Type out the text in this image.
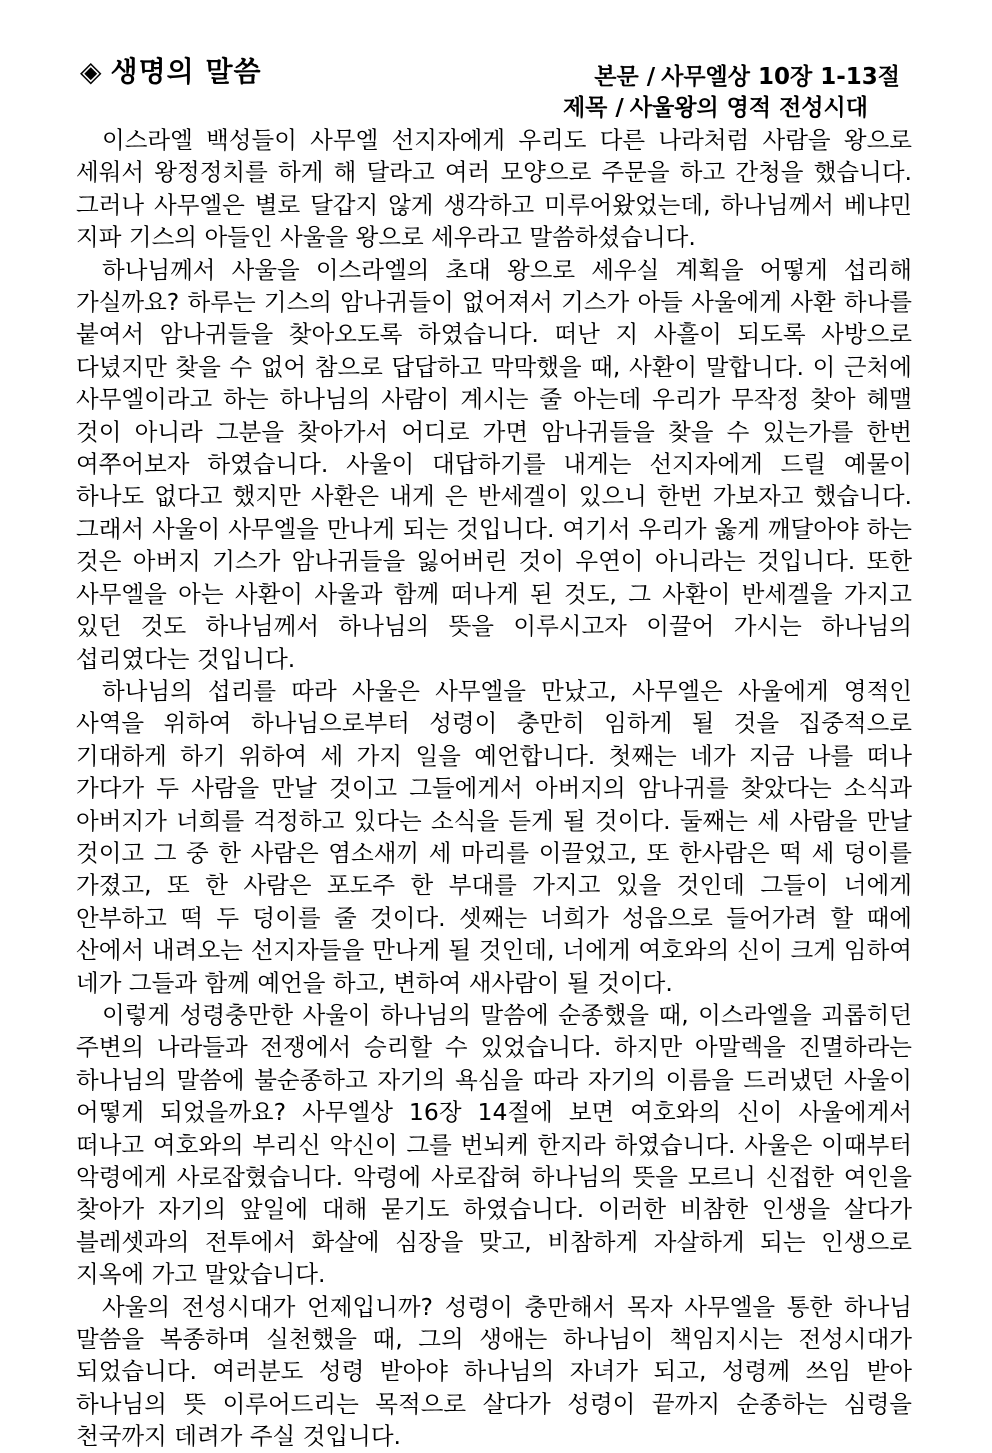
◈ 생명의 말씀	본문 / 사무엘상 10장 1-13절
제목 / 사울왕의 영적 전성시대

이스라엘 백성들이 사무엘 선지자에게 우리도 다른 나라처럼 사람을 왕으로 세워서 왕정정치를 하게 해 달라고 여러 모양으로 주문을 하고 간청을 했습니다. 그러나 사무엘은 별로 달갑지 않게 생각하고 미루어왔었는데, 하나님께서 베냐민 지파 기스의 아들인 사울을 왕으로 세우라고 말씀하셨습니다.

하나님께서 사울을 이스라엘의 초대 왕으로 세우실 계획을 어떻게 섭리해 가실까요? 하루는 기스의 암나귀들이 없어져서 기스가 아들 사울에게 사환 하나를 붙여서 암나귀들을 찾아오도록 하였습니다. 떠난 지 사흘이 되도록 사방으로 다녔지만 찾을 수 없어 참으로 답답하고 막막했을 때, 사환이 말합니다. 이 근처에 사무엘이라고 하는 하나님의 사람이 계시는 줄 아는데 우리가 무작정 찾아 헤맬 것이 아니라 그분을 찾아가서 어디로 가면 암나귀들을 찾을 수 있는가를 한번 여쭈어보자 하였습니다. 사울이 대답하기를 내게는 선지자에게 드릴 예물이 하나도 없다고 했지만 사환은 내게 은 반세겔이 있으니 한번 가보자고 했습니다. 그래서 사울이 사무엘을 만나게 되는 것입니다. 여기서 우리가 옳게 깨달아야 하는 것은 아버지 기스가 암나귀들을 잃어버린 것이 우연이 아니라는 것입니다. 또한 사무엘을 아는 사환이 사울과 함께 떠나게 된 것도, 그 사환이 반세겔을 가지고 있던 것도 하나님께서 하나님의 뜻을 이루시고자 이끌어 가시는 하나님의 섭리였다는 것입니다.

하나님의 섭리를 따라 사울은 사무엘을 만났고, 사무엘은 사울에게 영적인 사역을 위하여 하나님으로부터 성령이 충만히 임하게 될 것을 집중적으로 기대하게 하기 위하여 세 가지 일을 예언합니다. 첫째는 네가 지금 나를 떠나 가다가 두 사람을 만날 것이고 그들에게서 아버지의 암나귀를 찾았다는 소식과 아버지가 너희를 걱정하고 있다는 소식을 듣게 될 것이다. 둘째는 세 사람을 만날 것이고 그 중 한 사람은 염소새끼 세 마리를 이끌었고, 또 한사람은 떡 세 덩이를 가졌고, 또 한 사람은 포도주 한 부대를 가지고 있을 것인데 그들이 너에게 안부하고 떡 두 덩이를 줄 것이다. 셋째는 너희가 성읍으로 들어가려 할 때에 산에서 내려오는 선지자들을 만나게 될 것인데, 너에게 여호와의 신이 크게 임하여 네가 그들과 함께 예언을 하고, 변하여 새사람이 될 것이다.

이렇게 성령충만한 사울이 하나님의 말씀에 순종했을 때, 이스라엘을 괴롭히던 주변의 나라들과 전쟁에서 승리할 수 있었습니다. 하지만 아말렉을 진멸하라는 하나님의 말씀에 불순종하고 자기의 욕심을 따라 자기의 이름을 드러냈던 사울이 어떻게 되었을까요? 사무엘상 16장 14절에 보면 여호와의 신이 사울에게서 떠나고 여호와의 부리신 악신이 그를 번뇌케 한지라 하였습니다. 사울은 이때부터 악령에게 사로잡혔습니다. 악령에 사로잡혀 하나님의 뜻을 모르니 신접한 여인을 찾아가 자기의 앞일에 대해 묻기도 하였습니다. 이러한 비참한 인생을 살다가 블레셋과의 전투에서 화살에 심장을 맞고, 비참하게 자살하게 되는 인생으로 지옥에 가고 말았습니다.

사울의 전성시대가 언제입니까? 성령이 충만해서 목자 사무엘을 통한 하나님 말씀을 복종하며 실천했을 때, 그의 생애는 하나님이 책임지시는 전성시대가 되었습니다. 여러분도 성령 받아야 하나님의 자녀가 되고, 성령께 쓰임 받아 하나님의 뜻 이루어드리는 목적으로 살다가 성령이 끝까지 순종하는 심령을 천국까지 데려가 주실 것입니다.
